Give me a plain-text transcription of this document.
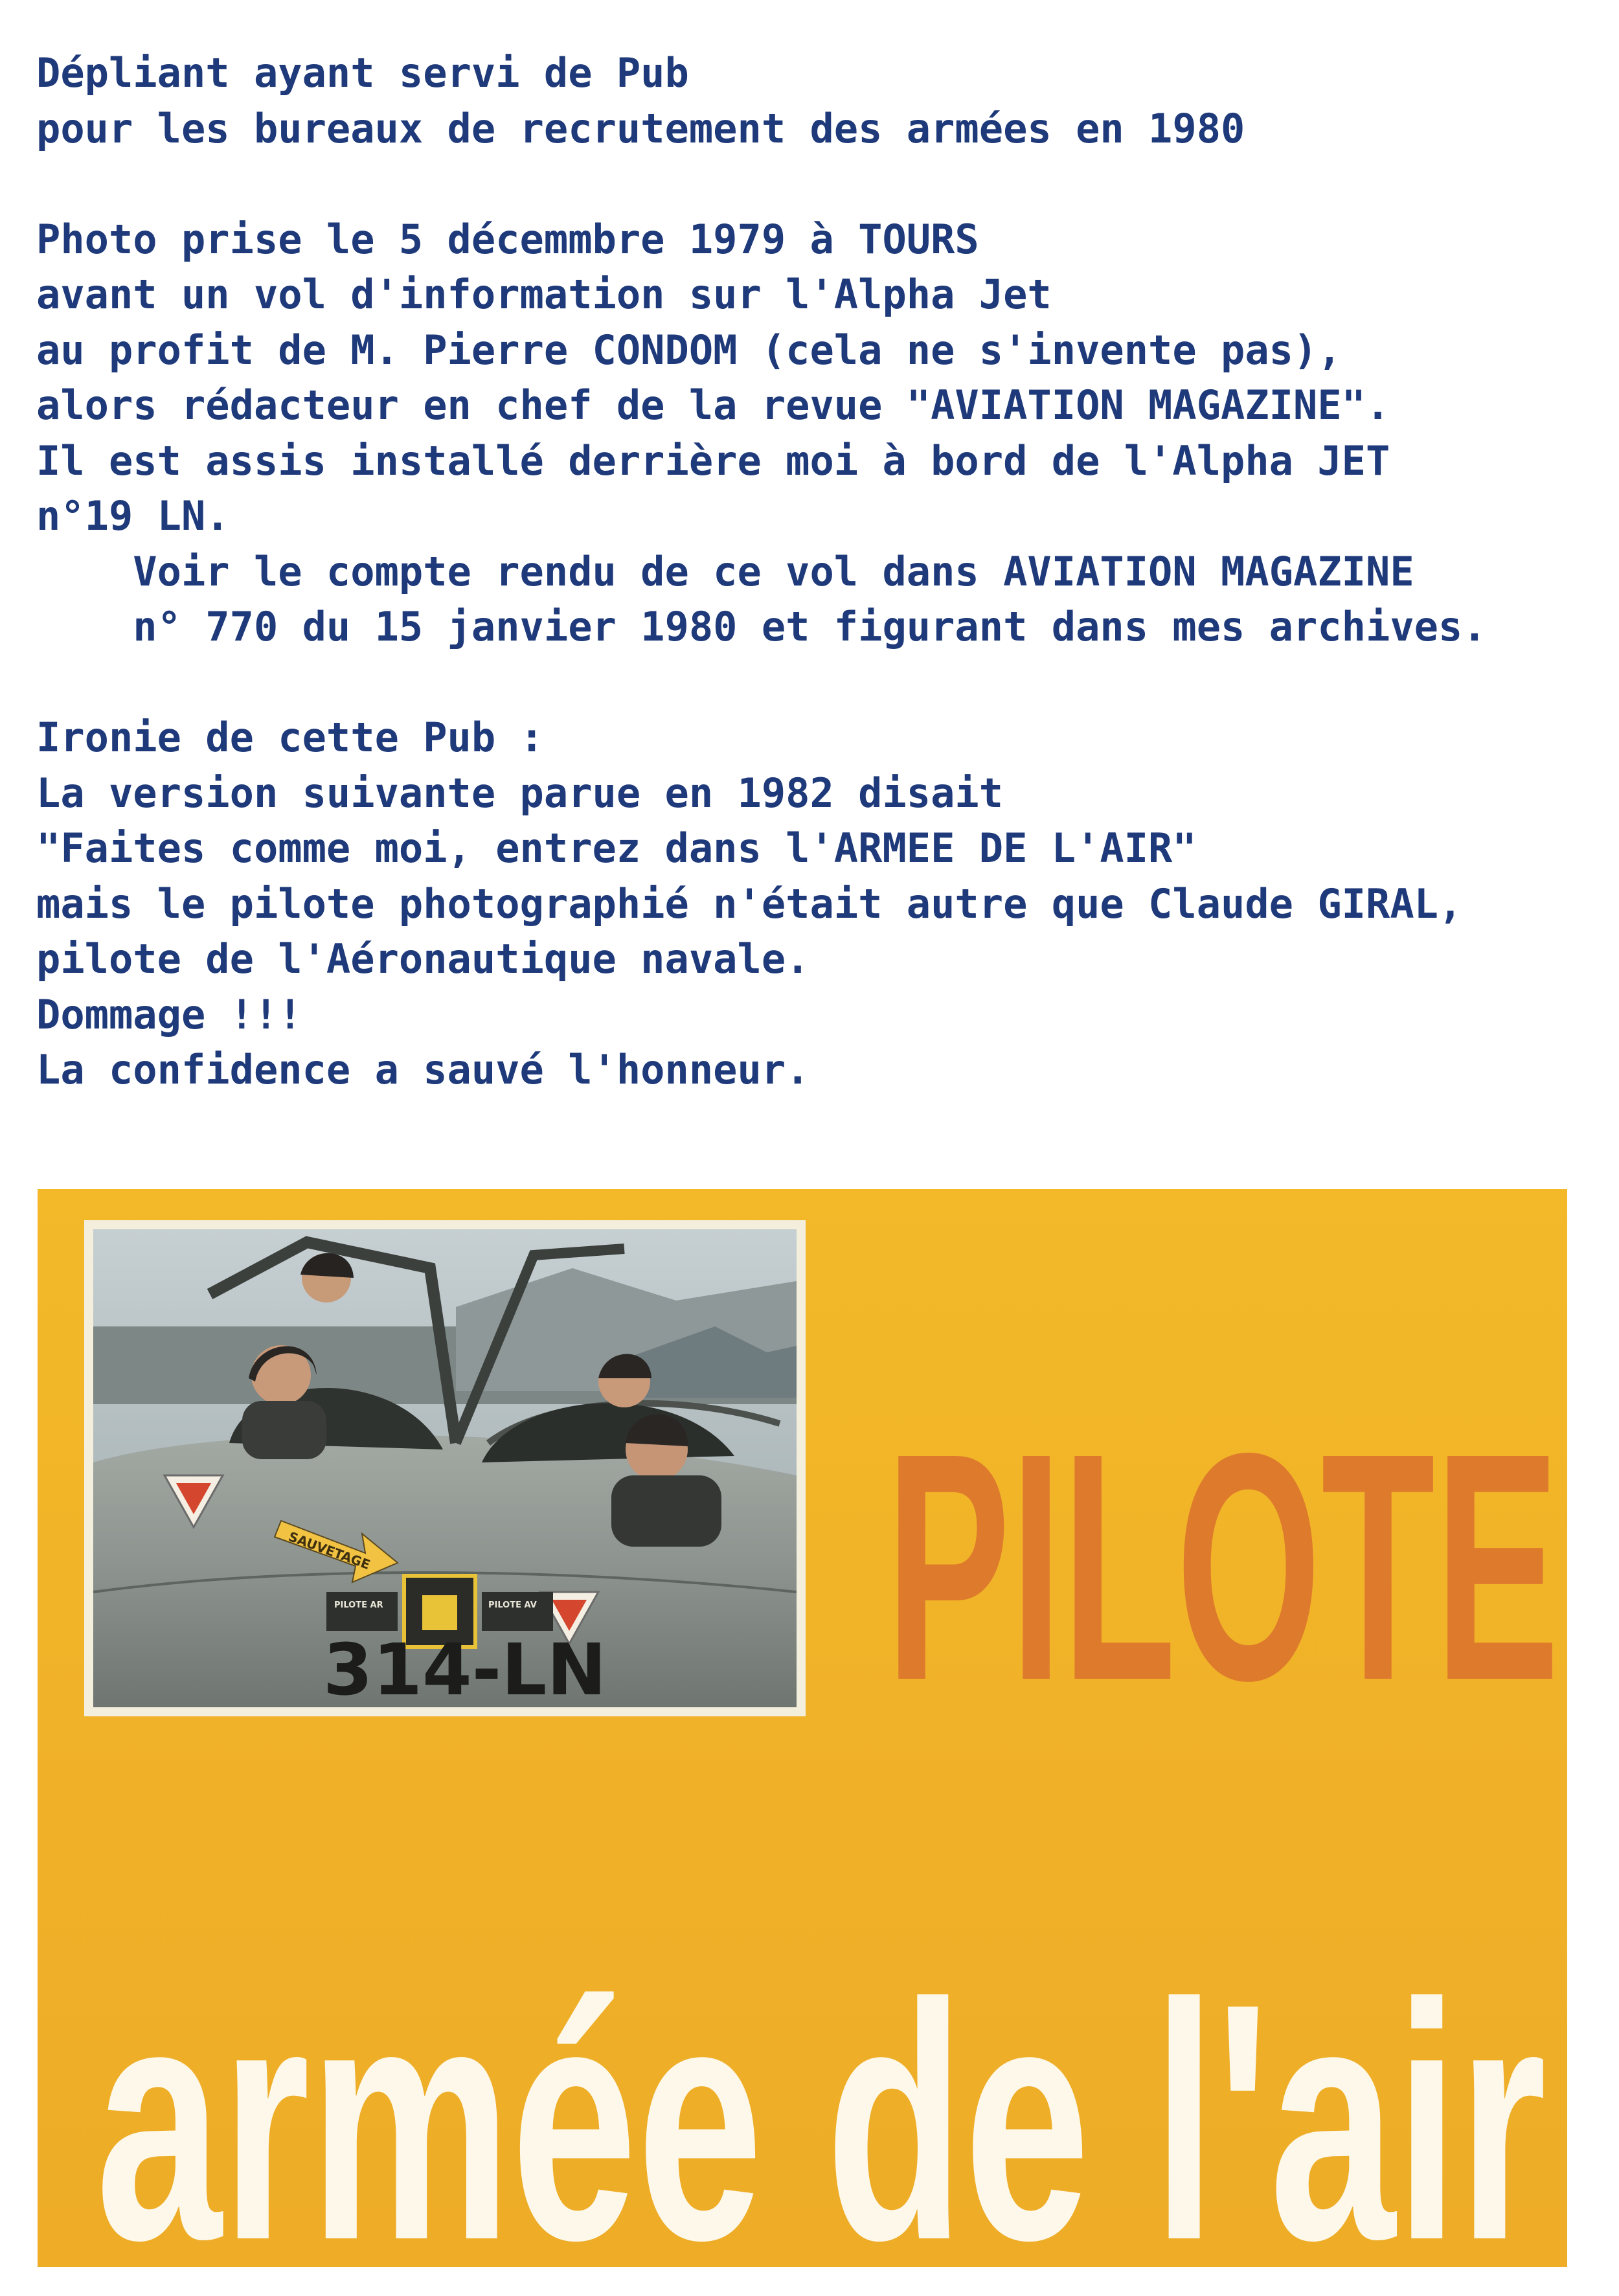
Dépliant ayant servi de Pub
pour les bureaux de recrutement des armées en 1980
Photo prise le 5 décemmbre 1979 à TOURS
avant un vol d'information sur l'Alpha Jet
au profit de M. Pierre CONDOM (cela ne s'invente pas),
alors rédacteur en chef de la revue "AVIATION MAGAZINE".
Il est assis installé derrière moi à bord de l'Alpha JET
n°19 LN.
Voir le compte rendu de ce vol dans AVIATION MAGAZINE
n° 770 du 15 janvier 1980 et figurant dans mes archives.
Ironie de cette Pub :
La version suivante parue en 1982 disait
"Faites comme moi, entrez dans l'ARMEE DE L'AIR"
mais le pilote photographié n'était autre que Claude GIRAL,
pilote de l'Aéronautique navale.
Dommage !!!
La confidence a sauvé l'honneur.
SAUVETAGE
PILOTE AR	PILOTE AV
314-LN PILOTE
armée de l'air
